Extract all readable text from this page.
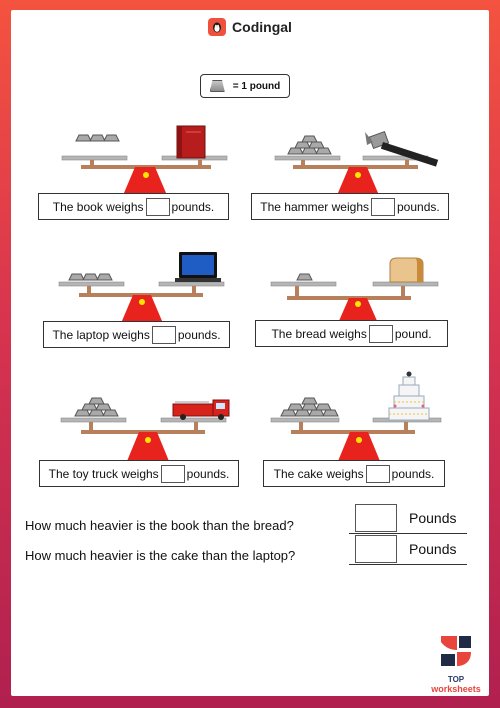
Codingal
= 1 pound
The book weighs pounds.	The hammer weighs pounds.
The laptop weighs pounds.	The bread weighs pound.
The toy truck weighs pounds.	The cake weighs pounds.
How much heavier is the book than the bread?	Pounds
How much heavier is the cake than the laptop?	Pounds
TOP
worksheets
